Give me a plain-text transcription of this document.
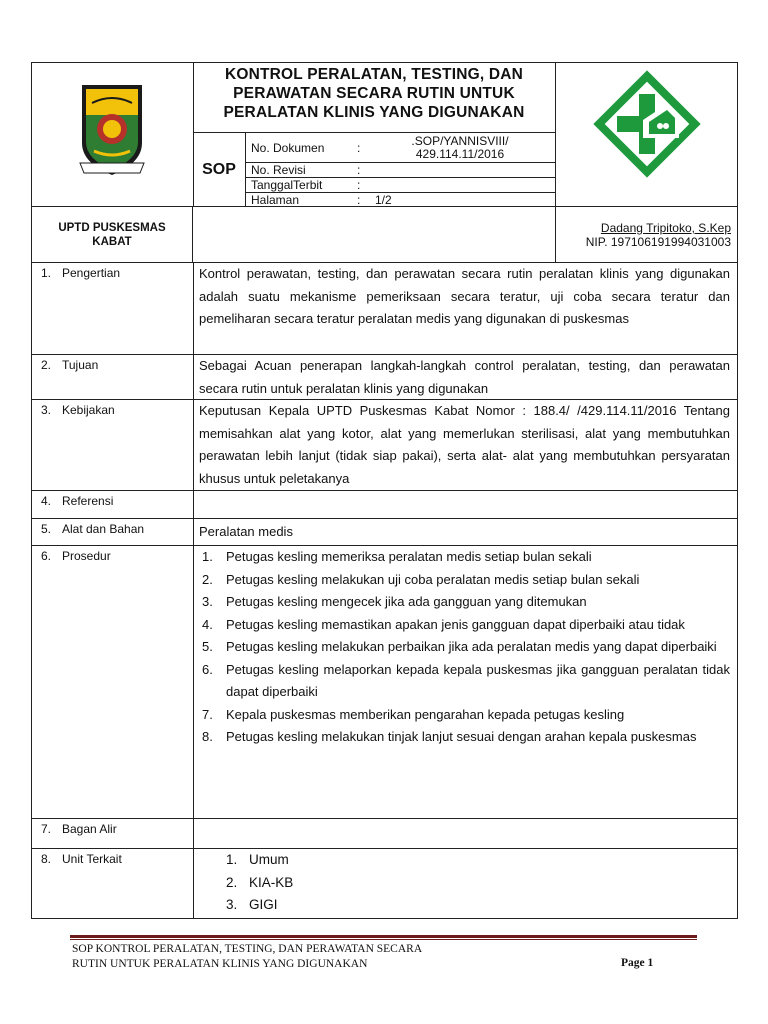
KONTROL PERALATAN, TESTING, DAN
PERAWATAN SECARA RUTIN UNTUK
PERALATAN KLINIS YANG DIGUNAKAN
SOP
No. Dokumen	:	.SOP/YANNISVIII/
429.114.11/2016
No. Revisi	:
TanggalTerbit	:
Halaman	: 1/2
UPTD PUSKESMAS
KABAT
Dadang Tripitoko, S.Kep
NIP. 197106191994031003
1. Pengertian	Kontrol perawatan, testing, dan perawatan secara rutin peralatan klinis yang digunakan adalah suatu mekanisme pemeriksaan secara teratur, uji coba secara teratur dan pemeliharan secara teratur peralatan medis yang digunakan di puskesmas

2. Tujuan	Sebagai Acuan penerapan langkah-langkah control peralatan, testing, dan perawatan secara rutin untuk peralatan klinis yang digunakan

3. Kebijakan	Keputusan Kepala UPTD Puskesmas Kabat Nomor : 188.4/ /429.114.11/2016 Tentang memisahkan alat yang kotor, alat yang memerlukan sterilisasi, alat yang membutuhkan perawatan lebih lanjut (tidak siap pakai), serta alat- alat yang membutuhkan persyaratan khusus untuk peletakanya

4. Referensi

5. Alat dan Bahan	Peralatan medis

6. Prosedur	1. Petugas kesling memeriksa peralatan medis setiap bulan sekali
2. Petugas kesling melakukan uji coba peralatan medis setiap bulan sekali
3. Petugas kesling mengecek jika ada gangguan yang ditemukan
4. Petugas kesling memastikan apakan jenis gangguan dapat diperbaiki atau tidak
5. Petugas kesling melakukan perbaikan jika ada peralatan medis yang dapat diperbaiki
6. Petugas kesling melaporkan kepada kepala puskesmas jika gangguan peralatan tidak dapat diperbaiki
7. Kepala puskesmas memberikan pengarahan kepada petugas kesling
8. Petugas kesling melakukan tinjak lanjut sesuai dengan arahan kepala puskesmas
7. Bagan Alir

8. Unit Terkait	1. Umum
2. KIA-KB
3. GIGI
SOP KONTROL PERALATAN, TESTING, DAN PERAWATAN SECARA
RUTIN UNTUK PERALATAN KLINIS YANG DIGUNAKAN	Page 1
